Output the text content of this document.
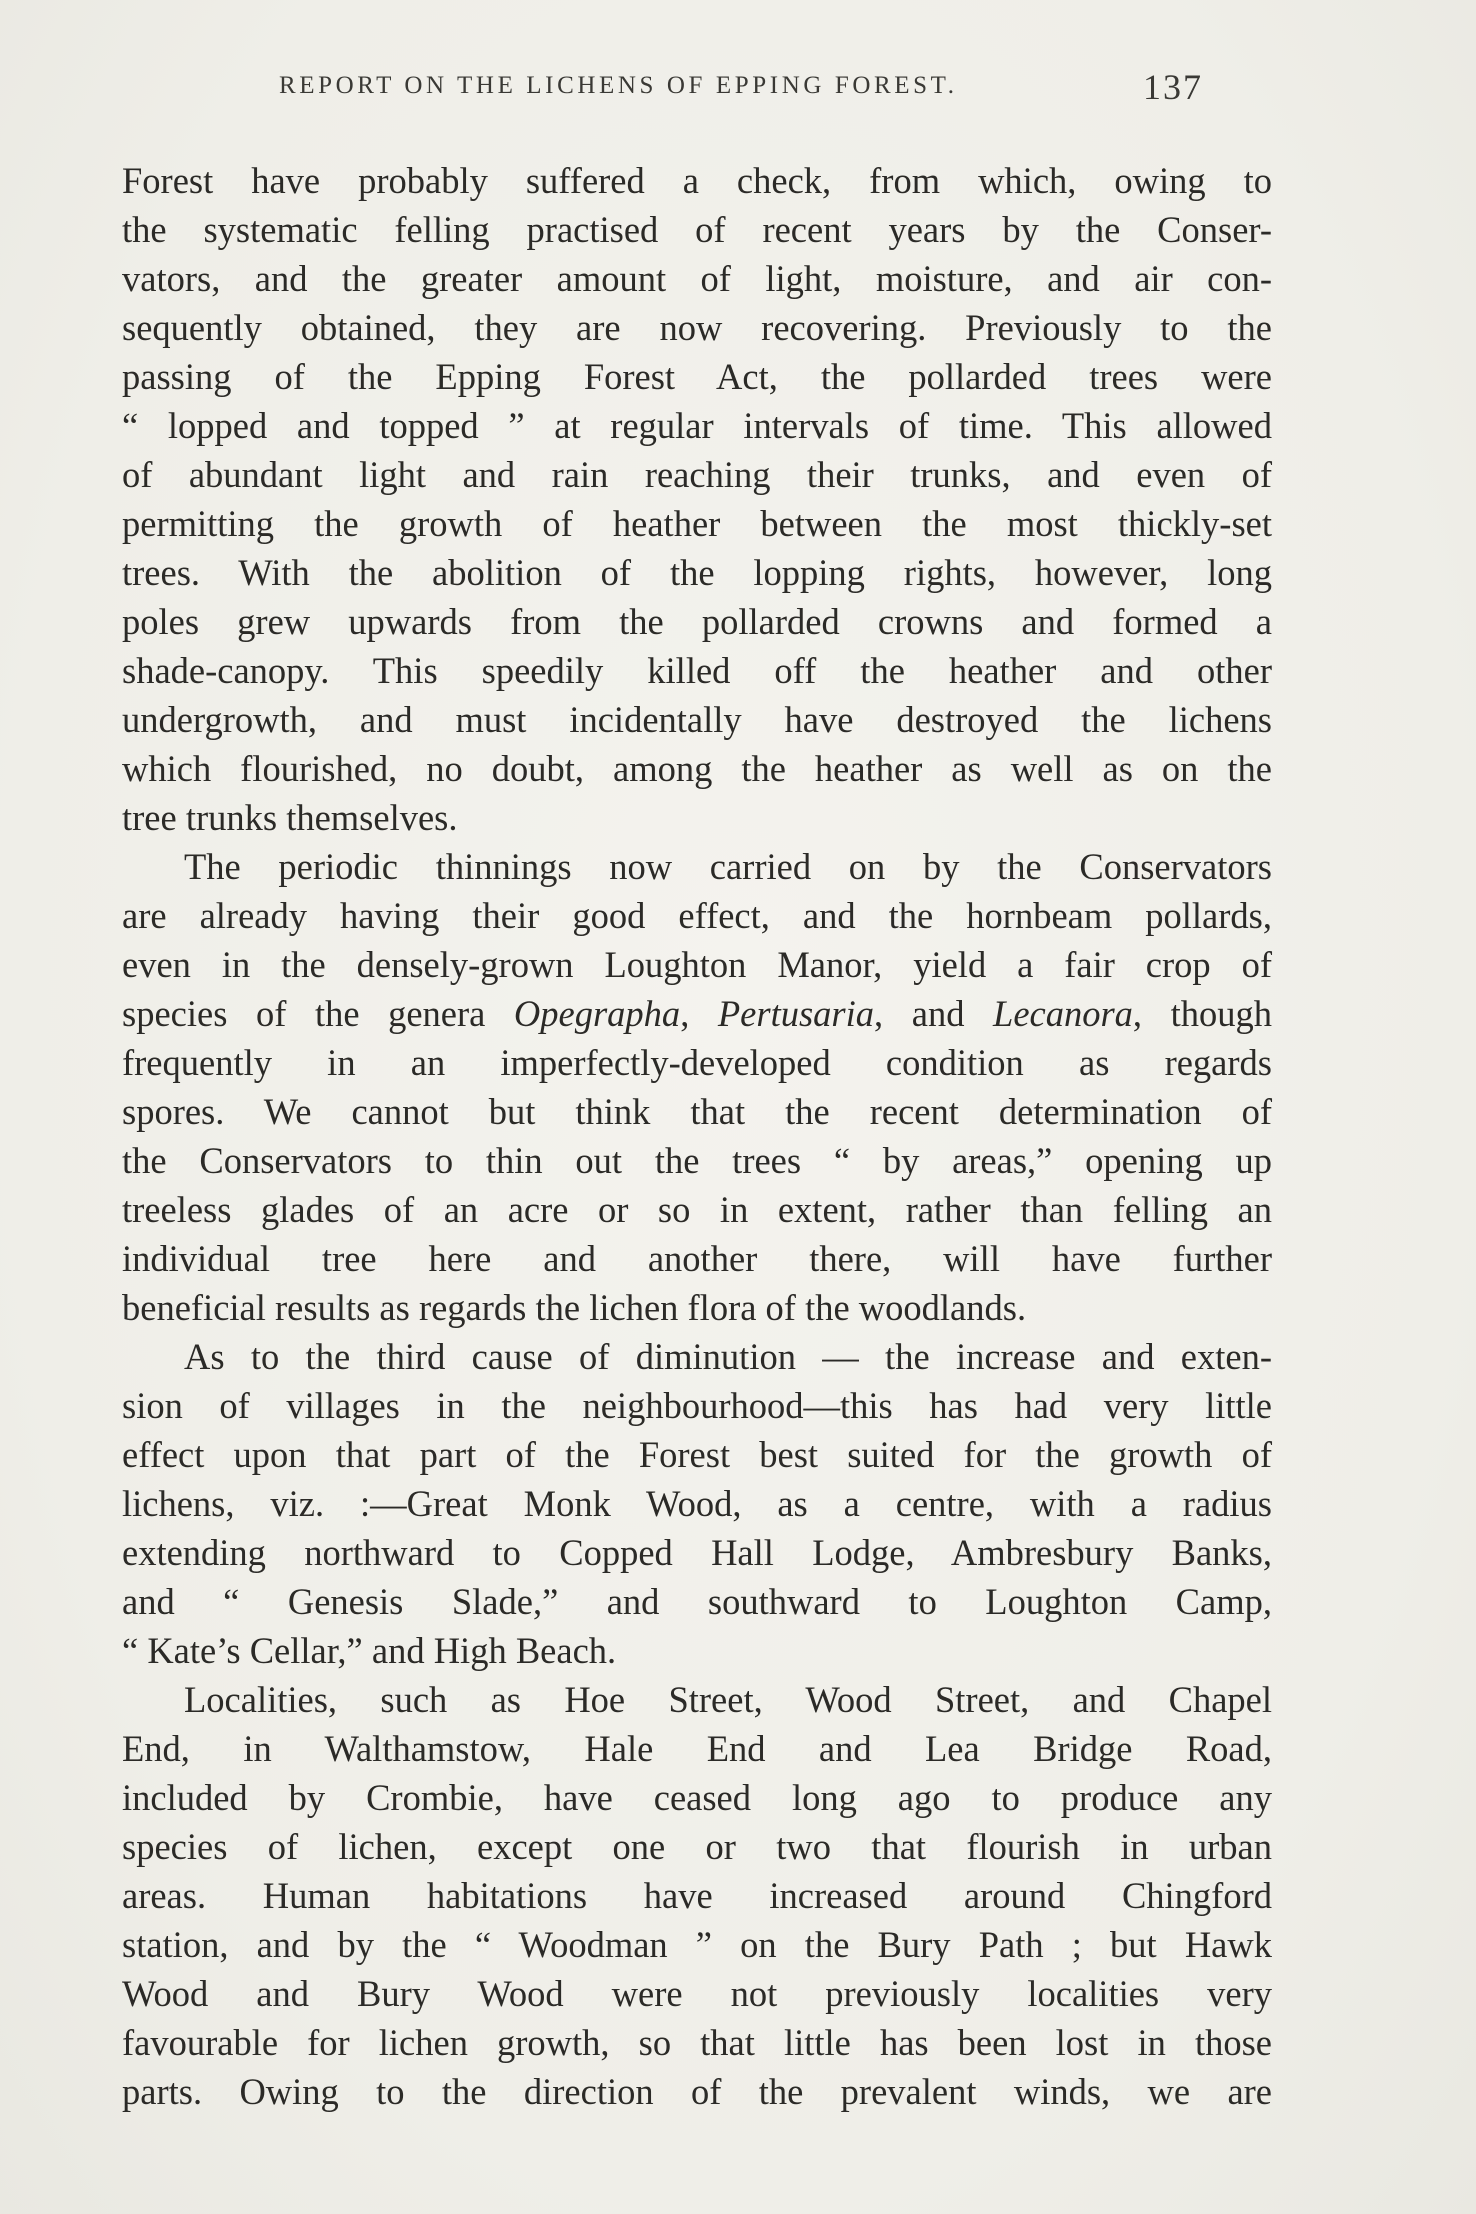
REPORT ON THE LICHENS OF EPPING FOREST.	137
Forest have probably suffered a check, from which, owing to
the systematic felling practised of recent years by the Conser-
vators, and the greater amount of light, moisture, and air con-
sequently obtained, they are now recovering. Previously to the
passing of the Epping Forest Act, the pollarded trees were
“ lopped and topped ” at regular intervals of time. This allowed
of abundant light and rain reaching their trunks, and even of
permitting the growth of heather between the most thickly-set
trees. With the abolition of the lopping rights, however, long
poles grew upwards from the pollarded crowns and formed a
shade-canopy. This speedily killed off the heather and other
undergrowth, and must incidentally have destroyed the lichens
which flourished, no doubt, among the heather as well as on the
tree trunks themselves.
The periodic thinnings now carried on by the Conservators
are already having their good effect, and the hornbeam pollards,
even in the densely-grown Loughton Manor, yield a fair crop of
species of the genera Opegrapha, Pertusaria, and Lecanora, though
frequently in an imperfectly-developed condition as regards
spores. We cannot but think that the recent determination of
the Conservators to thin out the trees “ by areas,” opening up
treeless glades of an acre or so in extent, rather than felling an
individual tree here and another there, will have further
beneficial results as regards the lichen flora of the woodlands.
As to the third cause of diminution — the increase and exten-
sion of villages in the neighbourhood—this has had very little
effect upon that part of the Forest best suited for the growth of
lichens, viz. :—Great Monk Wood, as a centre, with a radius
extending northward to Copped Hall Lodge, Ambresbury Banks,
and “ Genesis Slade,” and southward to Loughton Camp,
“ Kate’s Cellar,” and High Beach.
Localities, such as Hoe Street, Wood Street, and Chapel
End, in Walthamstow, Hale End and Lea Bridge Road,
included by Crombie, have ceased long ago to produce any
species of lichen, except one or two that flourish in urban
areas. Human habitations have increased around Chingford
station, and by the “ Woodman ” on the Bury Path ; but Hawk
Wood and Bury Wood were not previously localities very
favourable for lichen growth, so that little has been lost in those
parts. Owing to the direction of the prevalent winds, we are
